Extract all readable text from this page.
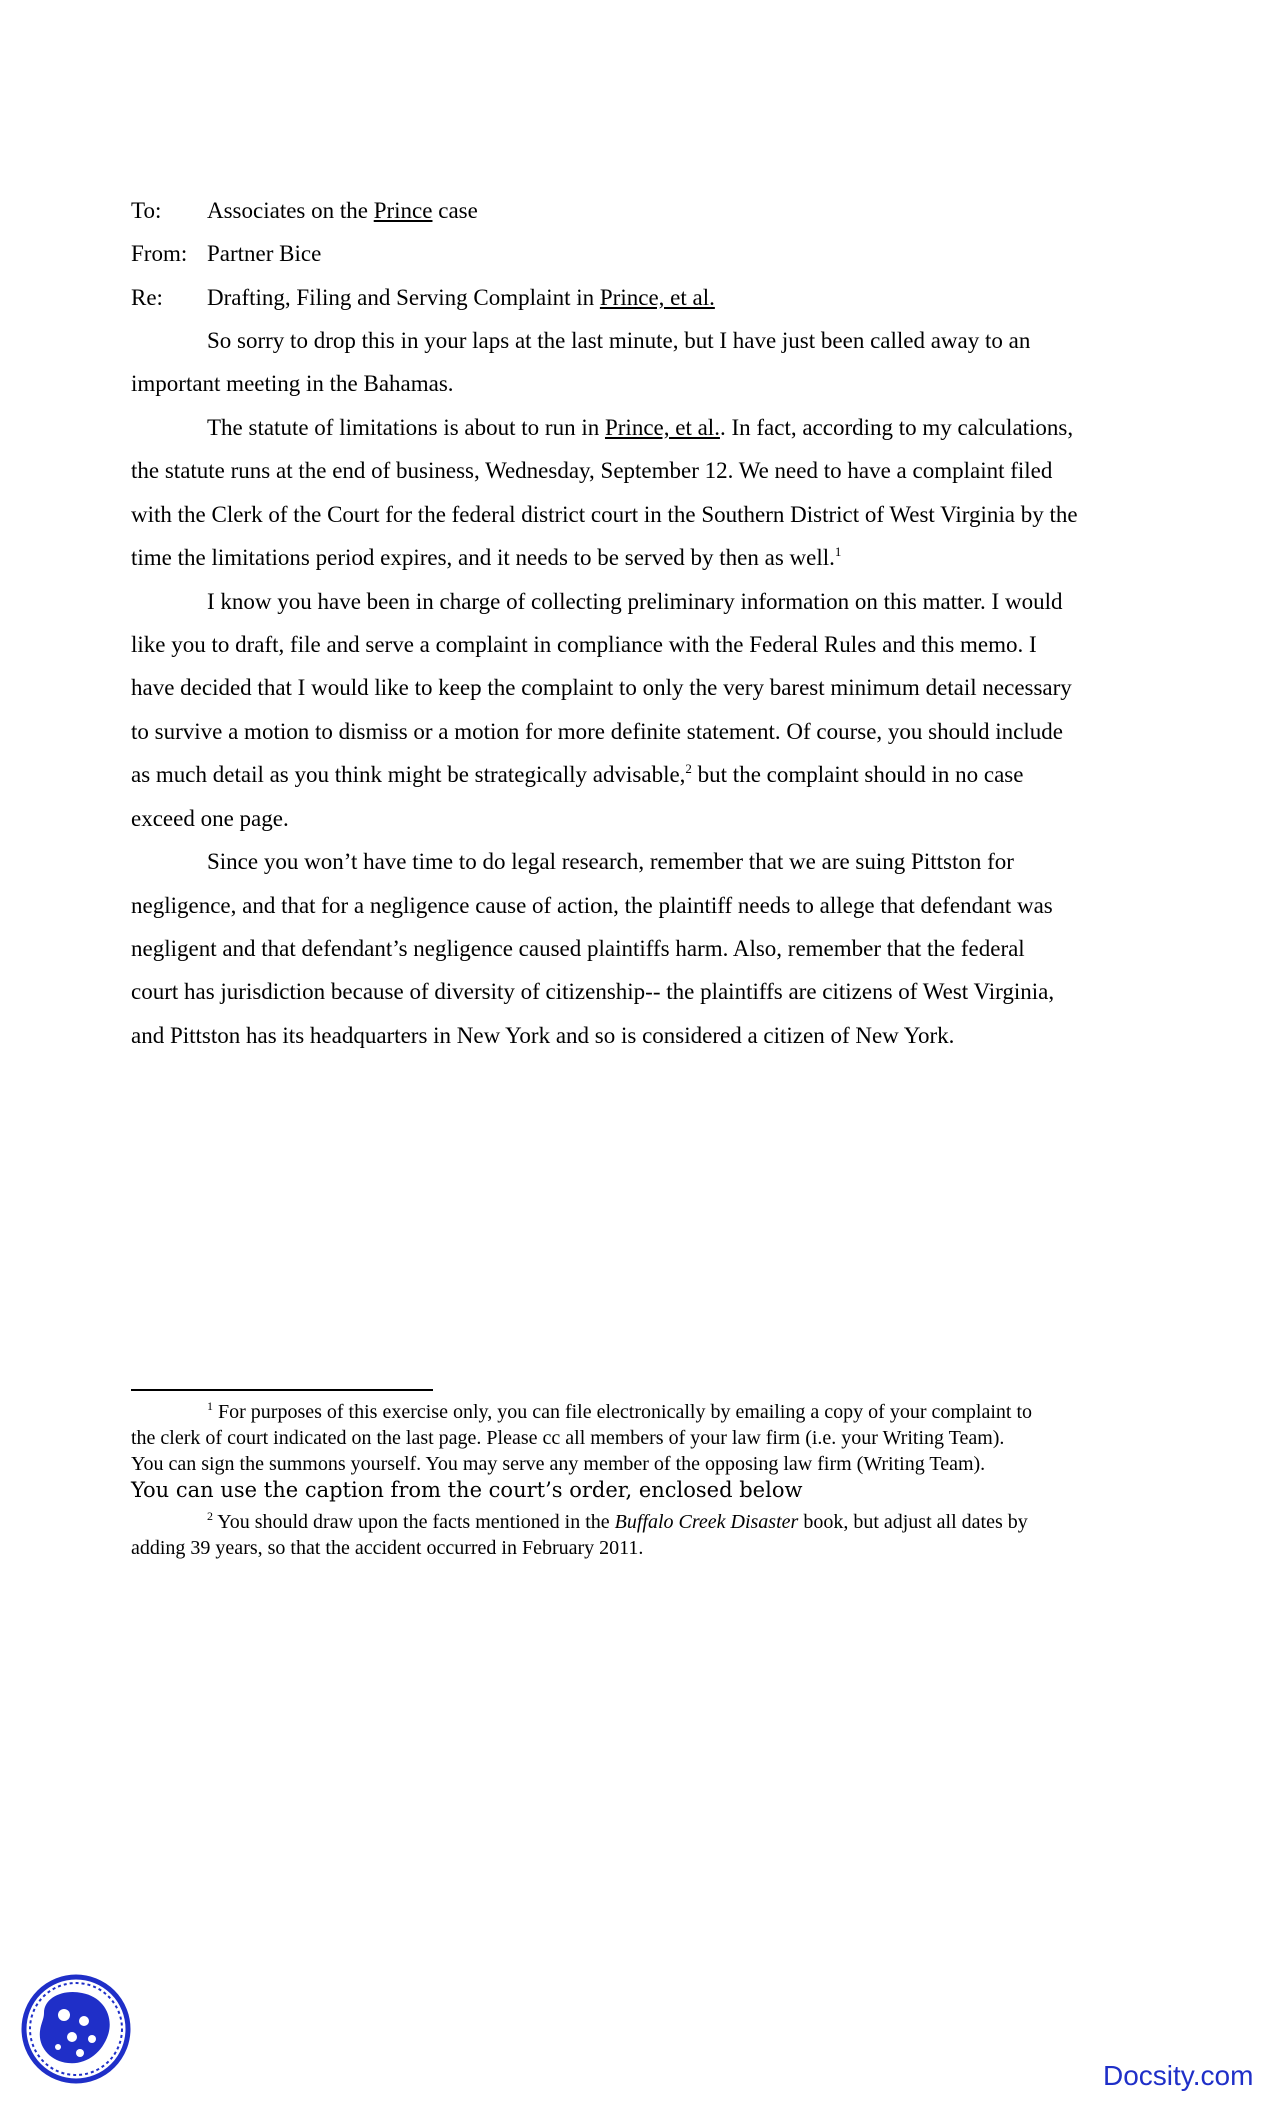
To: Associates on the Prince case
From: Partner Bice
Re: Drafting, Filing and Serving Complaint in Prince, et al.
So sorry to drop this in your laps at the last minute, but I have just been called away to an
important meeting in the Bahamas.
The statute of limitations is about to run in Prince, et al.. In fact, according to my calculations,
the statute runs at the end of business, Wednesday, September 12. We need to have a complaint filed
with the Clerk of the Court for the federal district court in the Southern District of West Virginia by the
time the limitations period expires, and it needs to be served by then as well.$^1$
I know you have been in charge of collecting preliminary information on this matter. I would
like you to draft, file and serve a complaint in compliance with the Federal Rules and this memo. I
have decided that I would like to keep the complaint to only the very barest minimum detail necessary
to survive a motion to dismiss or a motion for more definite statement. Of course, you should include
as much detail as you think might be strategically advisable,$^2$ but the complaint should in no case
exceed one page.
Since you won’t have time to do legal research, remember that we are suing Pittston for
negligence, and that for a negligence cause of action, the plaintiff needs to allege that defendant was
negligent and that defendant’s negligence caused plaintiffs harm. Also, remember that the federal
court has jurisdiction because of diversity of citizenship-- the plaintiffs are citizens of West Virginia,
and Pittston has its headquarters in New York and so is considered a citizen of New York.
$^1$ For purposes of this exercise only, you can file electronically by emailing a copy of your complaint to
the clerk of court indicated on the last page. Please cc all members of your law firm (i.e. your Writing Team).
You can sign the summons yourself. You may serve any member of the opposing law firm (Writing Team).
You can use the caption from the court’s order, enclosed below
$^2$ You should draw upon the facts mentioned in the Buffalo Creek Disaster book, but adjust all dates by
adding 39 years, so that the accident occurred in February 2011.
Docsity.com
